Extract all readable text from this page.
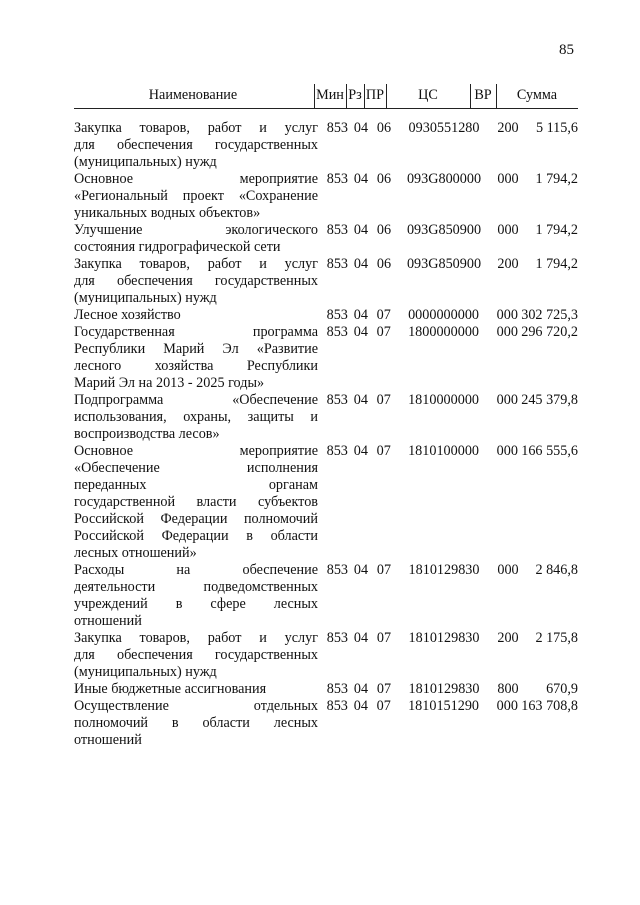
85
Наименование	Мин Рз ПР	ЦС	ВР	Сумма
Закупка товаров, работ и услуг
для обеспечения государственных
(муниципальных) нужд
853 04 06	0930551280	200	5 115,6
Основное мероприятие
«Региональный проект «Сохранение
уникальных водных объектов»
853 04 06	093G800000	000	1 794,2
Улучшение экологического
состояния гидрографической сети
853 04 06	093G850900	000	1 794,2
Закупка товаров, работ и услуг
для обеспечения государственных
(муниципальных) нужд
853 04 06	093G850900	200	1 794,2
Лесное хозяйство	853 04 07	0000000000	000 302 725,3
Государственная программа
Республики Марий Эл «Развитие
лесного хозяйства Республики
Марий Эл на 2013 - 2025 годы»
853 04 07	1800000000	000 296 720,2
Подпрограмма «Обеспечение
использования, охраны, защиты и
воспроизводства лесов»
853 04 07	1810000000	000 245 379,8
Основное мероприятие
«Обеспечение исполнения
переданных органам
государственной власти субъектов
Российской Федерации полномочий
Российской Федерации в области
лесных отношений»
853 04 07	1810100000	000 166 555,6
Расходы на обеспечение
деятельности подведомственных
учреждений в сфере лесных
отношений
853 04 07	1810129830	000	2 846,8
Закупка товаров, работ и услуг
для обеспечения государственных
(муниципальных) нужд
853 04 07	1810129830	200	2 175,8
Иные бюджетные ассигнования	853 04 07	1810129830	800	670,9
Осуществление отдельных
полномочий в области лесных
отношений
853 04 07	1810151290	000 163 708,8
